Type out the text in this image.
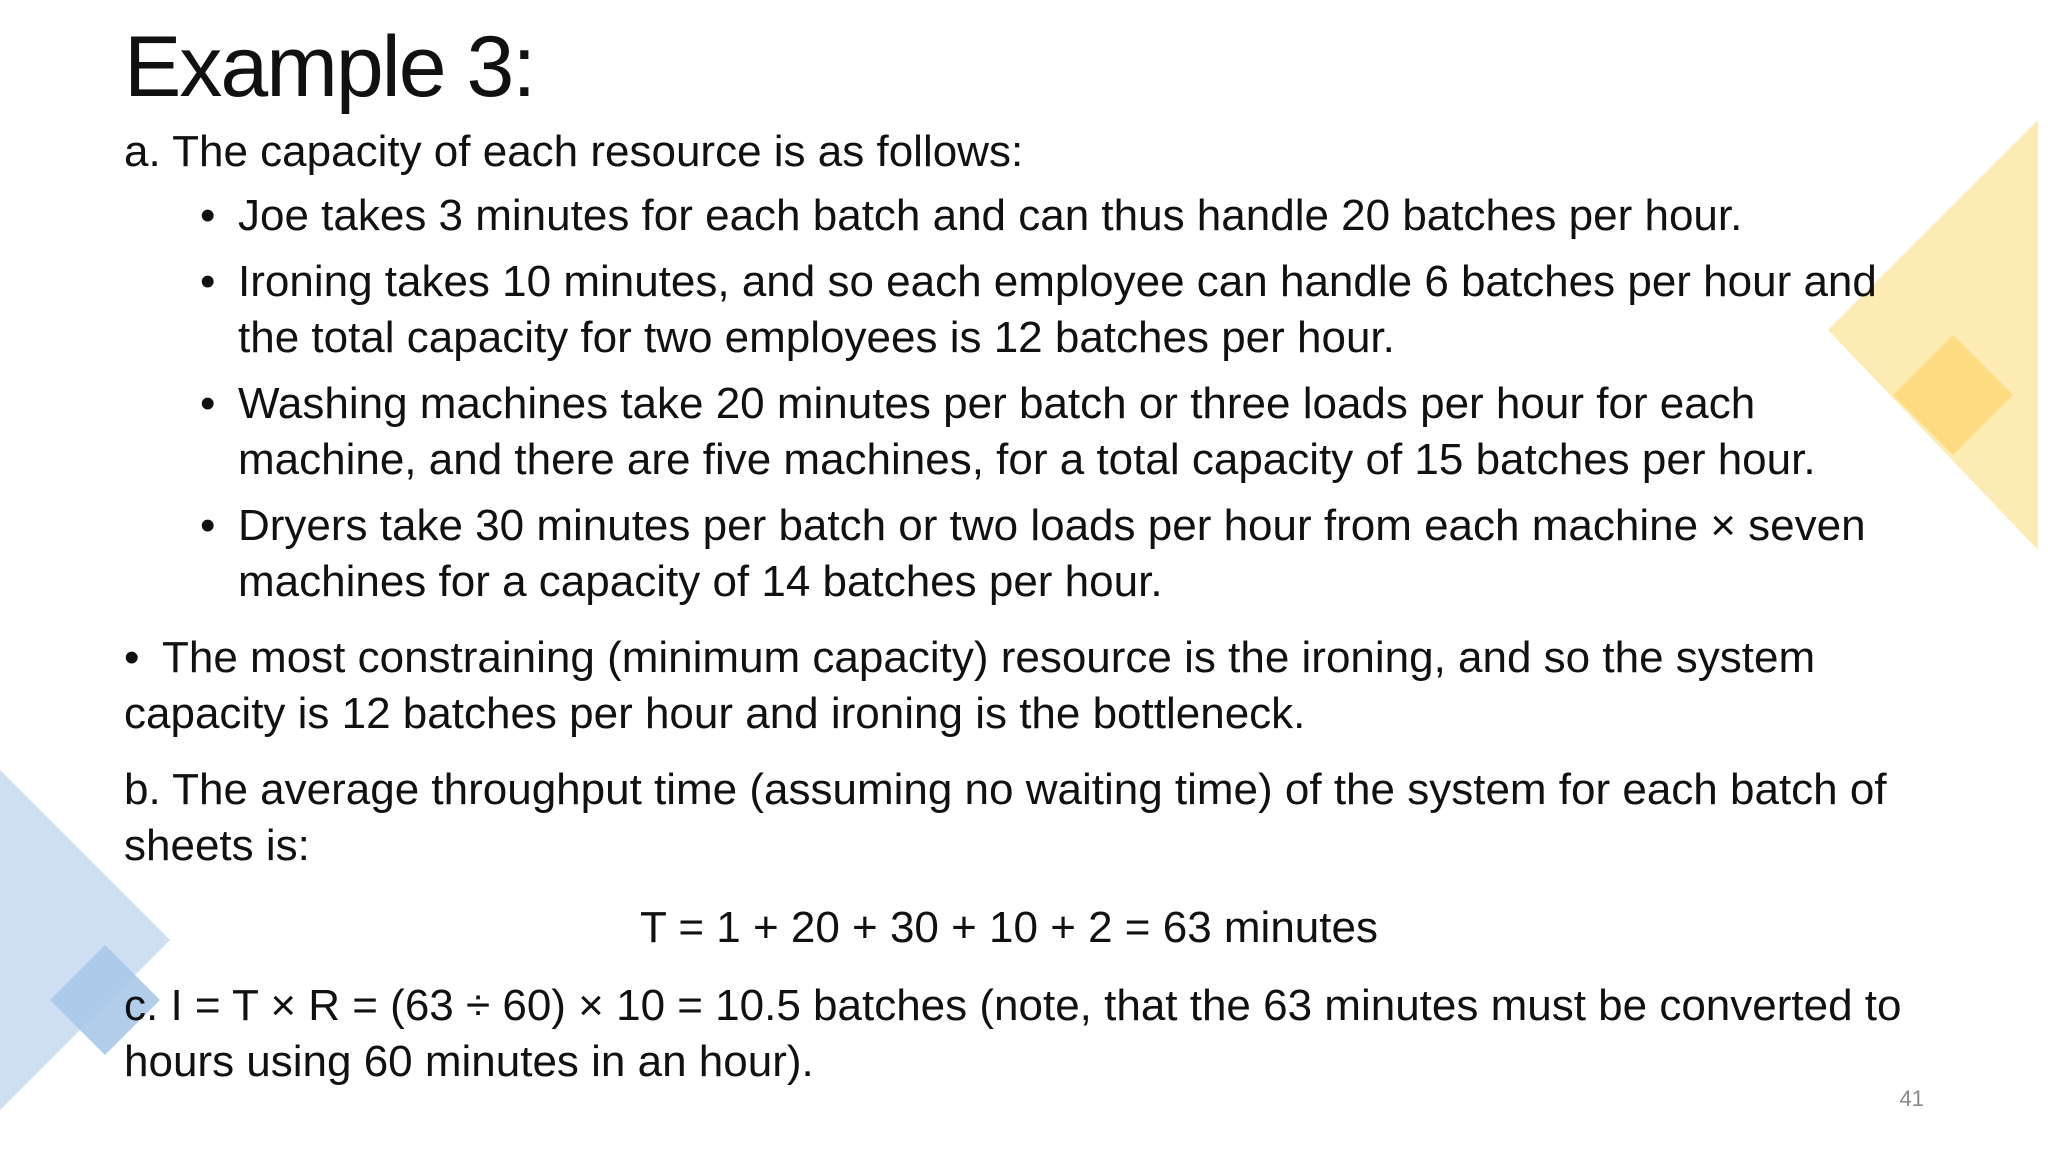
Example 3:

a. The capacity of each resource is as follows:

• Joe takes 3 minutes for each batch and can thus handle 20 batches per hour.
• Ironing takes 10 minutes, and so each employee can handle 6 batches per hour and the total capacity for two employees is 12 batches per hour.
• Washing machines take 20 minutes per batch or three loads per hour for each machine, and there are five machines, for a total capacity of 15 batches per hour.
• Dryers take 30 minutes per batch or two loads per hour from each machine × seven machines for a capacity of 14 batches per hour.

• The most constraining (minimum capacity) resource is the ironing, and so the system capacity is 12 batches per hour and ironing is the bottleneck.

b. The average throughput time (assuming no waiting time) of the system for each batch of sheets is:

T = 1 + 20 + 30 + 10 + 2 = 63 minutes

c. I = T × R = (63 ÷ 60) × 10 = 10.5 batches (note, that the 63 minutes must be converted to hours using 60 minutes in an hour).

41
